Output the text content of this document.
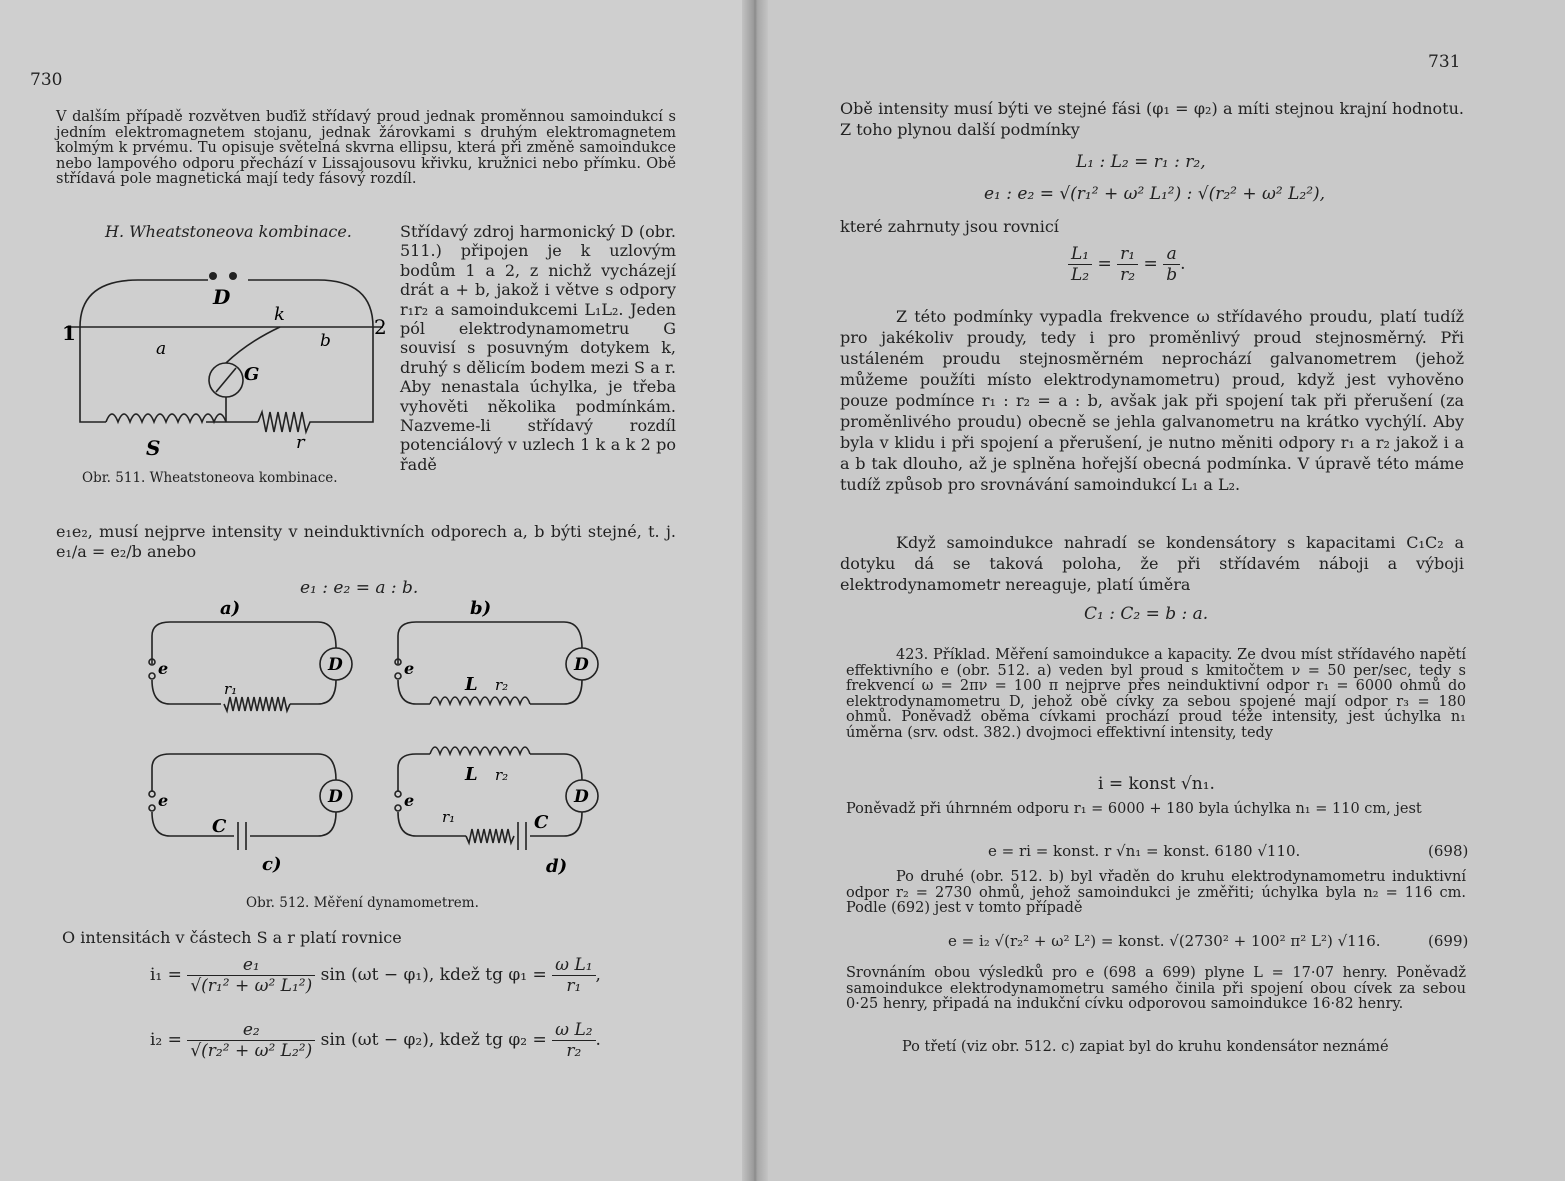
730

V dalším případě rozvětven buďiž střídavý proud jednak proměnnou samoindukcí s jedním elektromagnetem stojanu, jednak žárovkami s druhým elektromagnetem kolmým k prvému. Tu opisuje světelná skvrna ellipsu, která při změně samoindukce nebo lampového odporu přechází v Lissajousovu křivku, kružnici nebo přímku. Obě střídavá pole magnetická mají tedy fásový rozdíl.

H. Wheatstoneova kombinace.	Střídavý zdroj harmonický D (obr. 511.) připojen je k uzlovým bodům 1 a 2, z nichž vycházejí drát a + b, jakož i větve s odpory r₁r₂ a samoindukcemi L₁L₂. Jeden pól elektrodynamometru G souvisí s posuvným dotykem k, druhý s dělicím bodem mezi S a r. Aby nenastala úchylka, je třeba vyhověti několika podmínkám. Nazveme-li střídavý rozdíl potenciálový v uzlech 1 k a k 2 po řadě

1	2
D
k
a	b
G
S	r
Obr. 511. Wheatstoneova kombinace.

e₁e₂, musí nejprve intensity v neinduktivních odporech a, b býti stejné, t. j. e₁/a = e₂/b anebo

e₁ : e₂ = a : b.
a)	b)
c)	d)
e	e
e	e
D	D
D	D
r₁	L r₂
L r₂
C	C
r₁
Obr. 512. Měření dynamometrem.

O intensitách v částech S a r platí rovnice

$i_1 = \frac{\text{e₁}}{\text{√(r₁² + ω² L₁²)}}$ sin (ωt − φ₁), kdež tg $\varphi_1 = \frac{\text{ω L₁}}{\text{r₁}}$ ,
$i_2 = \frac{\text{e₂}}{\text{√(r₂² + ω² L₂²)}}$ sin (ωt − φ₂), kdež tg $\varphi_2 = \frac{\text{ω L₂}}{\text{r₂}}$ .
731

Obě intensity musí býti ve stejné fási (φ₁ = φ₂) a míti stejnou krajní hodnotu. Z toho plynou další podmínky

L₁ : L₂ = r₁ : r₂,
e₁ : e₂ = √(r₁² + ω² L₁²) : √(r₂² + ω² L₂²),

které zahrnuty jsou rovnicí

$\frac{\text{L₁}}{\text{L₂}} = \frac{\text{r₁}}{\text{r₂}} = \frac{a}{b}$ .

Z této podmínky vypadla frekvence ω střídavého proudu, platí tudíž pro jakékoliv proudy, tedy i pro proměnlivý proud stejnosměrný. Při ustáleném proudu stejnosměrném neprochází galvanometrem (jehož můžeme použíti místo elektrodynamometru) proud, když jest vyhověno pouze podmínce r₁ : r₂ = a : b, avšak jak při spojení tak při přerušení (za proměnlivého proudu) obecně se jehla galvanometru na krátko vychýlí. Aby byla v klidu i při spojení a přerušení, je nutno měniti odpory r₁ a r₂ jakož i a a b tak dlouho, až je splněna hořejší obecná podmínka. V úpravě této máme tudíž způsob pro srovnávání samoindukcí L₁ a L₂.

Když samoindukce nahradí se kondensátory s kapacitami C₁C₂ a dotyku dá se taková poloha, že při střídavém náboji a výboji elektrodynamometr nereaguje, platí úměra

C₁ : C₂ = b : a.

423. Příklad. Měření samoindukce a kapacity. Ze dvou míst střídavého napětí effektivního e (obr. 512. a) veden byl proud s kmitočtem ν = 50 per/sec, tedy s frekvencí ω = 2πν = 100 π nejprve přes neinduktivní odpor r₁ = 6000 ohmů do elektrodynamometru D, jehož obě cívky za sebou spojené mají odpor r₃ = 180 ohmů. Poněvadž oběma cívkami prochází proud téže intensity, jest úchylka n₁ úměrna (srv. odst. 382.) dvojmoci effektivní intensity, tedy

i = konst √n₁.

Poněvadž při úhrnném odporu r₁ = 6000 + 180 byla úchylka n₁ = 110 cm, jest

e = ri = konst. r √n₁ = konst. 6180 √110.	(698)

Po druhé (obr. 512. b) byl vřaděn do kruhu elektrodynamometru induktivní odpor r₂ = 2730 ohmů, jehož samoindukci je změřiti; úchylka byla n₂ = 116 cm. Podle (692) jest v tomto případě

e = i₂ √(r₂² + ω² L²) = konst. √(2730² + 100² π² L²) √116.	(699)

Srovnáním obou výsledků pro e (698 a 699) plyne L = 17·07 henry. Poněvadž samoindukce elektrodynamometru samého činila při spojení obou cívek za sebou 0·25 henry, připadá na indukční cívku odporovou samoindukce 16·82 henry.

Po třetí (viz obr. 512. c) zapiat byl do kruhu kondensátor neznámé
